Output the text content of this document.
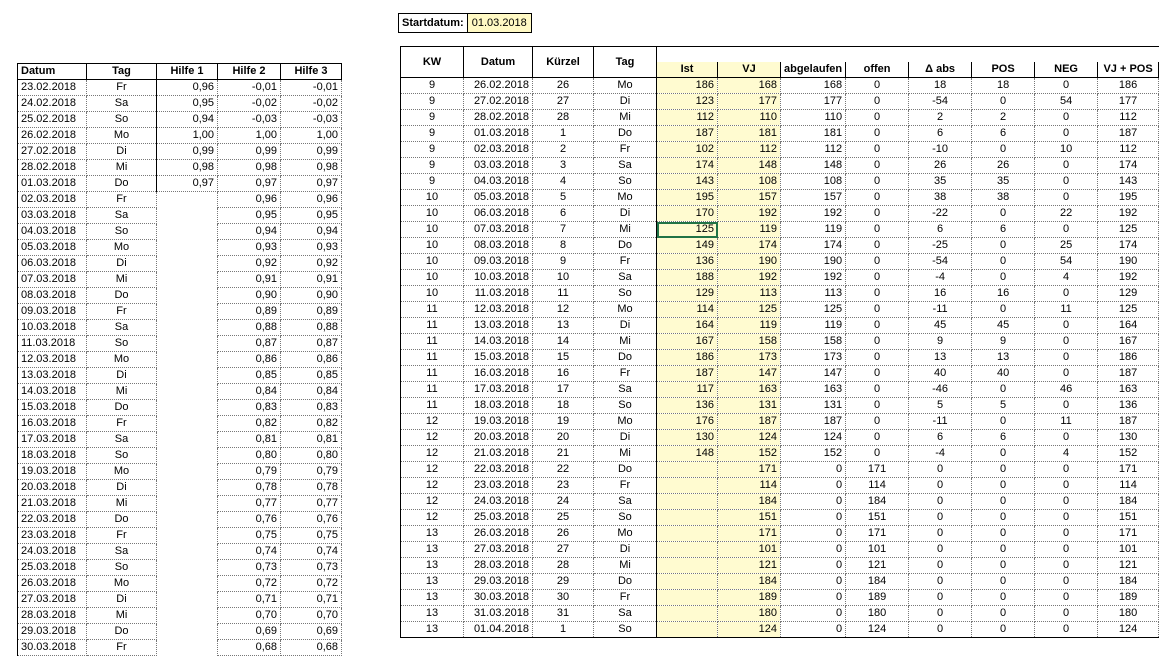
Startdatum: 01.03.2018
Datum	Tag	Hilfe 1	Hilfe 2	Hilfe 3
23.02.2018	Fr	0,96	-0,01	-0,01
24.02.2018	Sa	0,95	-0,02	-0,02
25.02.2018	So	0,94	-0,03	-0,03
26.02.2018	Mo	1,00	1,00	1,00
27.02.2018	Di	0,99	0,99	0,99
28.02.2018	Mi	0,98	0,98	0,98
01.03.2018	Do	0,97	0,97	0,97
02.03.2018	Fr		0,96	0,96
03.03.2018	Sa		0,95	0,95
04.03.2018	So		0,94	0,94
05.03.2018	Mo		0,93	0,93
06.03.2018	Di		0,92	0,92
07.03.2018	Mi		0,91	0,91
08.03.2018	Do		0,90	0,90
09.03.2018	Fr		0,89	0,89
10.03.2018	Sa		0,88	0,88
11.03.2018	So		0,87	0,87
12.03.2018	Mo		0,86	0,86
13.03.2018	Di		0,85	0,85
14.03.2018	Mi		0,84	0,84
15.03.2018	Do		0,83	0,83
16.03.2018	Fr		0,82	0,82
17.03.2018	Sa		0,81	0,81
18.03.2018	So		0,80	0,80
19.03.2018	Mo		0,79	0,79
20.03.2018	Di		0,78	0,78
21.03.2018	Mi		0,77	0,77
22.03.2018	Do		0,76	0,76
23.03.2018	Fr		0,75	0,75
24.03.2018	Sa		0,74	0,74
25.03.2018	So		0,73	0,73
26.03.2018	Mo		0,72	0,72
27.03.2018	Di		0,71	0,71
28.03.2018	Mi		0,70	0,70
29.03.2018	Do		0,69	0,69
30.03.2018	Fr		0,68	0,68
KW	Datum	Kürzel	Tag								
				Ist	VJ	abgelaufen	offen	Δ abs	POS	NEG	VJ + POS
9	26.02.2018	26	Mo	186	168	168	0	18	18	0	186
9	27.02.2018	27	Di	123	177	177	0	-54	0	54	177
9	28.02.2018	28	Mi	112	110	110	0	2	2	0	112
9	01.03.2018	1	Do	187	181	181	0	6	6	0	187
9	02.03.2018	2	Fr	102	112	112	0	-10	0	10	112
9	03.03.2018	3	Sa	174	148	148	0	26	26	0	174
9	04.03.2018	4	So	143	108	108	0	35	35	0	143
10	05.03.2018	5	Mo	195	157	157	0	38	38	0	195
10	06.03.2018	6	Di	170	192	192	0	-22	0	22	192
10	07.03.2018	7	Mi	125	119	119	0	6	6	0	125
10	08.03.2018	8	Do	149	174	174	0	-25	0	25	174
10	09.03.2018	9	Fr	136	190	190	0	-54	0	54	190
10	10.03.2018	10	Sa	188	192	192	0	-4	0	4	192
10	11.03.2018	11	So	129	113	113	0	16	16	0	129
11	12.03.2018	12	Mo	114	125	125	0	-11	0	11	125
11	13.03.2018	13	Di	164	119	119	0	45	45	0	164
11	14.03.2018	14	Mi	167	158	158	0	9	9	0	167
11	15.03.2018	15	Do	186	173	173	0	13	13	0	186
11	16.03.2018	16	Fr	187	147	147	0	40	40	0	187
11	17.03.2018	17	Sa	117	163	163	0	-46	0	46	163
11	18.03.2018	18	So	136	131	131	0	5	5	0	136
12	19.03.2018	19	Mo	176	187	187	0	-11	0	11	187
12	20.03.2018	20	Di	130	124	124	0	6	6	0	130
12	21.03.2018	21	Mi	148	152	152	0	-4	0	4	152
12	22.03.2018	22	Do		171	0	171	0	0	0	171
12	23.03.2018	23	Fr		114	0	114	0	0	0	114
12	24.03.2018	24	Sa		184	0	184	0	0	0	184
12	25.03.2018	25	So		151	0	151	0	0	0	151
13	26.03.2018	26	Mo		171	0	171	0	0	0	171
13	27.03.2018	27	Di		101	0	101	0	0	0	101
13	28.03.2018	28	Mi		121	0	121	0	0	0	121
13	29.03.2018	29	Do		184	0	184	0	0	0	184
13	30.03.2018	30	Fr		189	0	189	0	0	0	189
13	31.03.2018	31	Sa		180	0	180	0	0	0	180
13	01.04.2018	1	So		124	0	124	0	0	0	124
